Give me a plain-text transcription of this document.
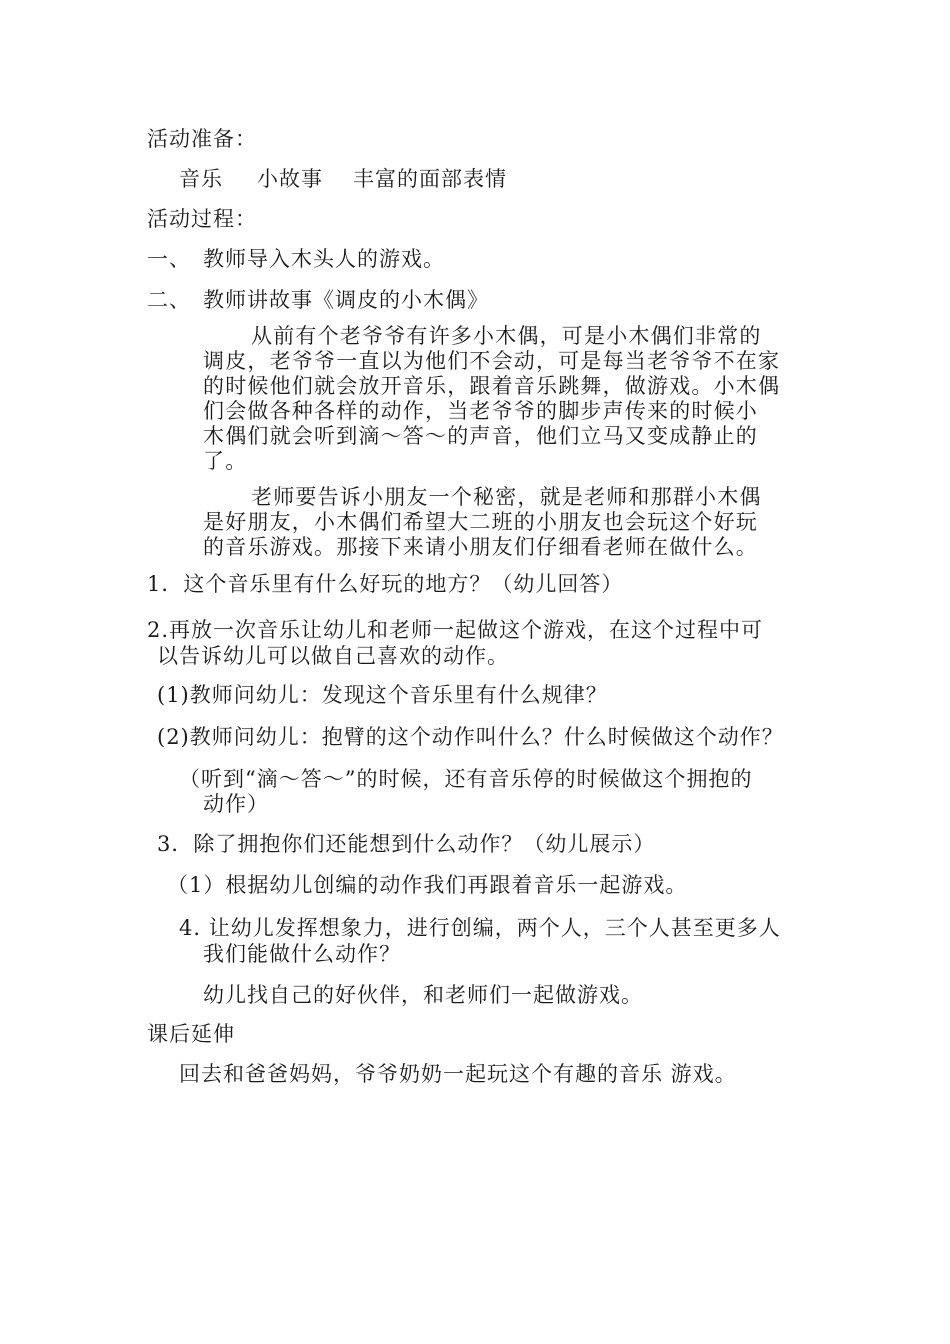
活动准备：
音乐 小故事 丰富的面部表情
活动过程：
一、 教师导入木头人的游戏。
二、 教师讲故事《调皮的小木偶》
从前有个老爷爷有许多小木偶，可是小木偶们非常的
调皮，老爷爷一直以为他们不会动，可是每当老爷爷不在家
的时候他们就会放开音乐，跟着音乐跳舞，做游戏。小木偶
们会做各种各样的动作，当老爷爷的脚步声传来的时候小
木偶们就会听到滴～答～的声音，他们立马又变成静止的
了。
老师要告诉小朋友一个秘密，就是老师和那群小木偶
是好朋友，小木偶们希望大二班的小朋友也会玩这个好玩
的音乐游戏。那接下来请小朋友们仔细看老师在做什么。
1．这个音乐里有什么好玩的地方？（幼儿回答）
2.再放一次音乐让幼儿和老师一起做这个游戏，在这个过程中可
以告诉幼儿可以做自己喜欢的动作。
(1)教师问幼儿：发现这个音乐里有什么规律？
(2)教师问幼儿：抱臂的这个动作叫什么？什么时候做这个动作？
（听到“滴～答～”的时候，还有音乐停的时候做这个拥抱的
动作）
3．除了拥抱你们还能想到什么动作？（幼儿展示）
（1）根据幼儿创编的动作我们再跟着音乐一起游戏。
4. 让幼儿发挥想象力，进行创编，两个人，三个人甚至更多人
我们能做什么动作？
幼儿找自己的好伙伴，和老师们一起做游戏。
课后延伸
回去和爸爸妈妈，爷爷奶奶一起玩这个有趣的音乐 游戏。
